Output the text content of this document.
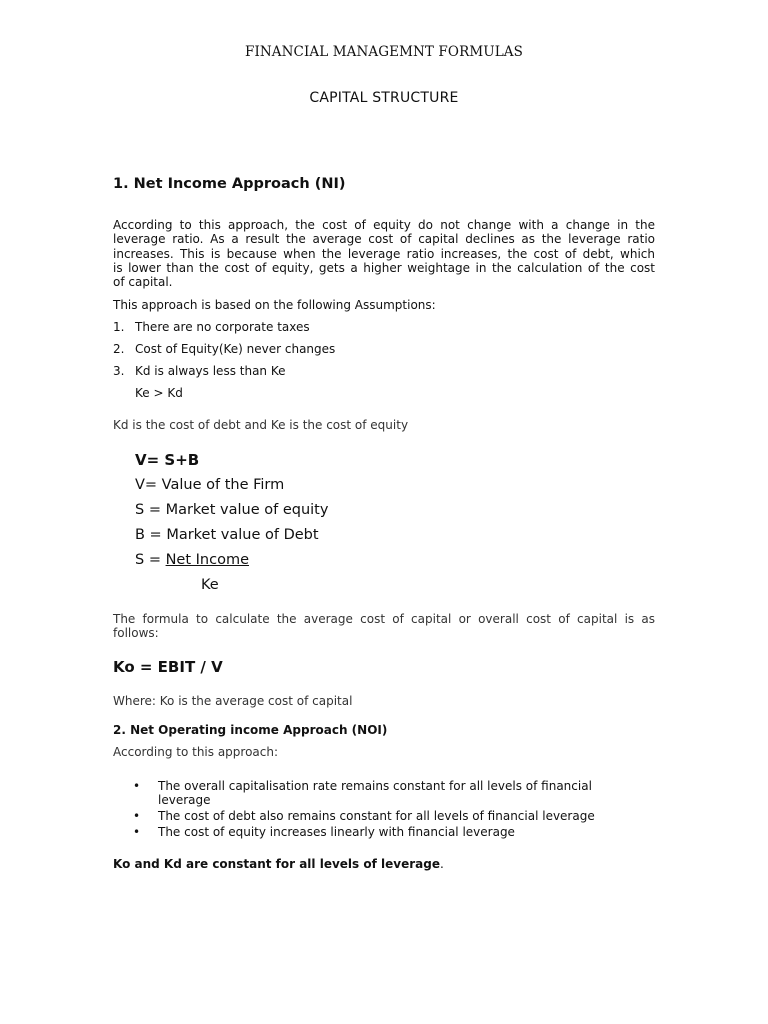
FINANCIAL MANAGEMNT FORMULAS
CAPITAL STRUCTURE
1. Net Income Approach (NI)
According to this approach, the cost of equity do not change with a change in the
leverage ratio. As a result the average cost of capital declines as the leverage ratio
increases. This is because when the leverage ratio increases, the cost of debt, which
is lower than the cost of equity, gets a higher weightage in the calculation of the cost
of capital.
This approach is based on the following Assumptions:
1. There are no corporate taxes
2. Cost of Equity(Ke) never changes
3. Kd is always less than Ke
Ke > Kd
Kd is the cost of debt and Ke is the cost of equity
V= S+B
V= Value of the Firm
S = Market value of equity
B = Market value of Debt
S = Net Income
Ke
The formula to calculate the average cost of capital or overall cost of capital is as
follows:
Ko = EBIT / V
Where: Ko is the average cost of capital
2. Net Operating income Approach (NOI)
According to this approach:
• The overall capitalisation rate remains constant for all levels of financial
leverage
• The cost of debt also remains constant for all levels of financial leverage
• The cost of equity increases linearly with financial leverage
Ko and Kd are constant for all levels of leverage.
